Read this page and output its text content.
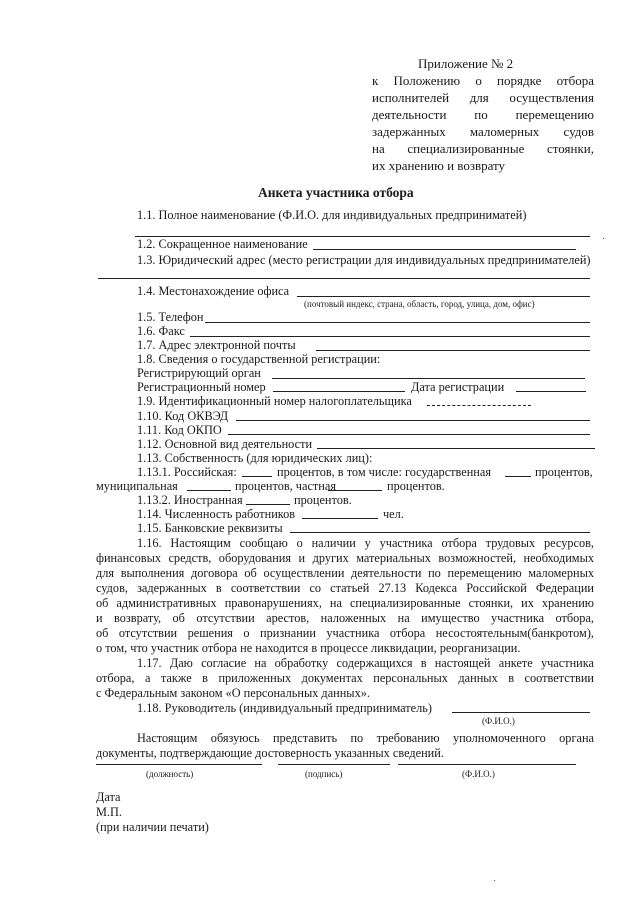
Приложение № 2
к Положению о порядке отбора
исполнителей для осуществления
деятельности по перемещению
задержанных маломерных судов
на специализированные стоянки,
их хранению и возврату
Анкета участника отбора
1.1. Полное наименование (Ф.И.О. для индивидуальных предприниматей)
1.2. Сокращенное наименование
1.3. Юридический адрес (место регистрации для индивидуальных предпринимателей)
1.4. Местонахождение офиса
(почтовый индекс, страна, область, город, улица, дом, офис)
1.5. Телефон
1.6. Факс
1.7. Адрес электронной почты
1.8. Сведения о государственной регистрации:
Регистрирующий орган
Регистрационный номер	Дата регистрации
1.9. Идентификационный номер налогоплательщика
1.10. Код ОКВЭД
1.11. Код ОКПО
1.12. Основной вид деятельности
1.13. Собственность (для юридических лиц):
1.13.1. Российская:	процентов, в том числе: государственная	процентов,
муниципальная	процентов, частная	процентов.
1.13.2. Иностранная	процентов.
1.14. Численность работников	чел.
1.15. Банковские реквизиты
1.16. Настоящим сообщаю о наличии у участника отбора трудовых ресурсов,
финансовых средств, оборудования и других материальных возможностей, необходимых
для выполнения договора об осуществлении деятельности по перемещению маломерных
судов, задержанных в соответствии со статьей 27.13 Кодекса Российской Федерации
об административных правонарушениях, на специализированные стоянки, их хранению
и возврату, об отсутствии арестов, наложенных на имущество участника отбора,
об отсутствии решения о признании участника отбора несостоятельным(банкротом),
о том, что участник отбора не находится в процессе ликвидации, реорганизации.
1.17. Даю согласие на обработку содержащихся в настоящей анкете участника
отбора, а также в приложенных документах персональных данных в соответствии
с Федеральным законом «О персональных данных».
1.18. Руководитель (индивидуальный предприниматель)
(Ф.И.О.)
Настоящим обязуюсь представить по требованию уполномоченного органа
документы, подтверждающие достоверность указанных сведений.
(должность)	(подпись)	(Ф.И.О.)
Дата
М.П.
(при наличии печати)
